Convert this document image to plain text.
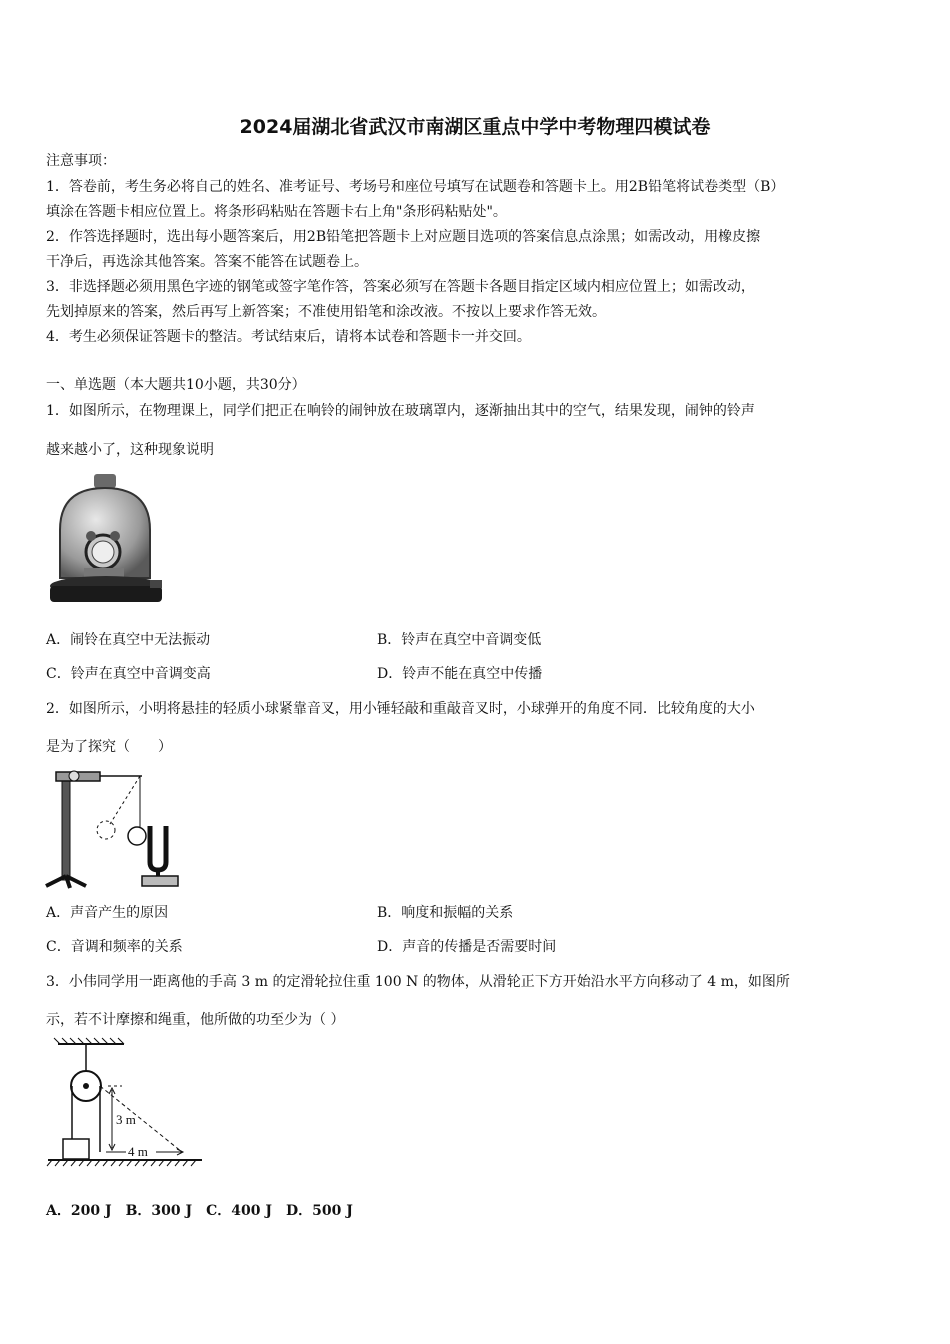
2024届湖北省武汉市南湖区重点中学中考物理四模试卷
注意事项：
1．答卷前，考生务必将自己的姓名、准考证号、考场号和座位号填写在试题卷和答题卡上。用2B铅笔将试卷类型（B）
填涂在答题卡相应位置上。将条形码粘贴在答题卡右上角"条形码粘贴处"。
2．作答选择题时，选出每小题答案后，用2B铅笔把答题卡上对应题目选项的答案信息点涂黑；如需改动，用橡皮擦
干净后，再选涂其他答案。答案不能答在试题卷上。
3．非选择题必须用黑色字迹的钢笔或签字笔作答，答案必须写在答题卡各题目指定区域内相应位置上；如需改动，
先划掉原来的答案，然后再写上新答案；不准使用铅笔和涂改液。不按以上要求作答无效。
4．考生必须保证答题卡的整洁。考试结束后，请将本试卷和答题卡一并交回。
一、单选题（本大题共10小题，共30分）
1．如图所示，在物理课上，同学们把正在响铃的闹钟放在玻璃罩内，逐渐抽出其中的空气，结果发现，闹钟的铃声
越来越小了，这种现象说明
A．闹铃在真空中无法振动	B．铃声在真空中音调变低
C．铃声在真空中音调变高	D．铃声不能在真空中传播
2．如图所示，小明将悬挂的轻质小球紧靠音叉，用小锤轻敲和重敲音叉时，小球弹开的角度不同．比较角度的大小
是为了探究（　　）
A．声音产生的原因	B．响度和振幅的关系
C．音调和频率的关系	D．声音的传播是否需要时间
3．小伟同学用一距离他的手高 3 m 的定滑轮拉住重 100 N 的物体，从滑轮正下方开始沿水平方向移动了 4 m，如图所
示，若不计摩擦和绳重，他所做的功至少为（ ）
3 m
4 m
A．200 J　B．300 J　C．400 J　D．500 J
